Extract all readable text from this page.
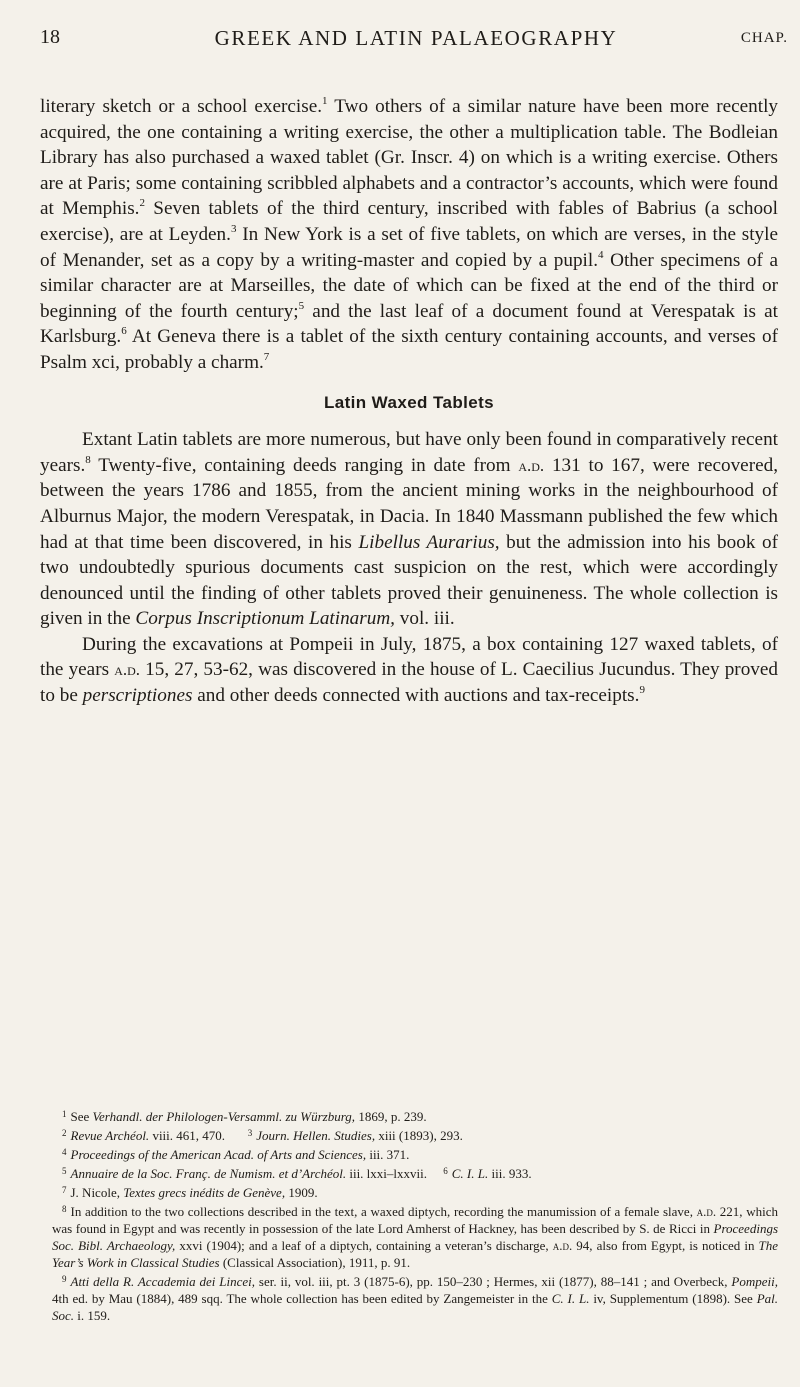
18	GREEK AND LATIN PALAEOGRAPHY	CHAP.

literary sketch or a school exercise.$^1$ Two others of a similar nature have been more recently acquired, the one containing a writing exercise, the other a multiplication table. The Bodleian Library has also purchased a waxed tablet (Gr. Inscr. 4) on which is a writing exercise. Others are at Paris; some containing scribbled alphabets and a contractor’s accounts, which were found at Memphis.$^2$ Seven tablets of the third century, inscribed with fables of Babrius (a school exercise), are at Leyden.$^3$ In New York is a set of five tablets, on which are verses, in the style of Menander, set as a copy by a writing-master and copied by a pupil.$^4$ Other specimens of a similar character are at Marseilles, the date of which can be fixed at the end of the third or beginning of the fourth century;$^5$ and the last leaf of a document found at Verespatak is at Karlsburg.$^6$ At Geneva there is a tablet of the sixth century containing accounts, and verses of Psalm xci, probably a charm.$^7$

Latin Waxed Tablets

Extant Latin tablets are more numerous, but have only been found in comparatively recent years.$^8$ Twenty-five, containing deeds ranging in date from a.d. 131 to 167, were recovered, between the years 1786 and 1855, from the ancient mining works in the neighbourhood of Alburnus Major, the modern Verespatak, in Dacia. In 1840 Massmann published the few which had at that time been discovered, in his Libellus Aurarius, but the admission into his book of two undoubtedly spurious documents cast suspicion on the rest, which were accordingly denounced until the finding of other tablets proved their genuineness. The whole collection is given in the Corpus Inscriptionum Latinarum, vol. iii.

During the excavations at Pompeii in July, 1875, a box containing 127 waxed tablets, of the years a.d. 15, 27, 53-62, was discovered in the house of L. Caecilius Jucundus. They proved to be perscriptiones and other deeds connected with auctions and tax-receipts.$^9$

$^1$ See Verhandl. der Philologen-Versamml. zu Würzburg, 1869, p. 239.

$^2$ Revue Archéol. viii. 461, 470.	$^3$ Journ. Hellen. Studies, xiii (1893), 293.

$^4$ Proceedings of the American Acad. of Arts and Sciences, iii. 371.

$^5$ Annuaire de la Soc. Franç. de Numism. et d’Archéol. iii. lxxi–lxxvii. $^6$ C. I. L. iii. 933.

$^7$ J. Nicole, Textes grecs inédits de Genève, 1909.

$^8$ In addition to the two collections described in the text, a waxed diptych, recording the manumission of a female slave, a.d. 221, which was found in Egypt and was recently in possession of the late Lord Amherst of Hackney, has been described by S. de Ricci in Proceedings Soc. Bibl. Archaeology, xxvi (1904); and a leaf of a diptych, containing a veteran’s discharge, a.d. 94, also from Egypt, is noticed in The Year’s Work in Classical Studies (Classical Association), 1911, p. 91.

$^9$ Atti della R. Accademia dei Lincei, ser. ii, vol. iii, pt. 3 (1875-6), pp. 150–230 ; Hermes, xii (1877), 88–141 ; and Overbeck, Pompeii, 4th ed. by Mau (1884), 489 sqq. The whole collection has been edited by Zangemeister in the C. I. L. iv, Supplementum (1898). See Pal. Soc. i. 159.
